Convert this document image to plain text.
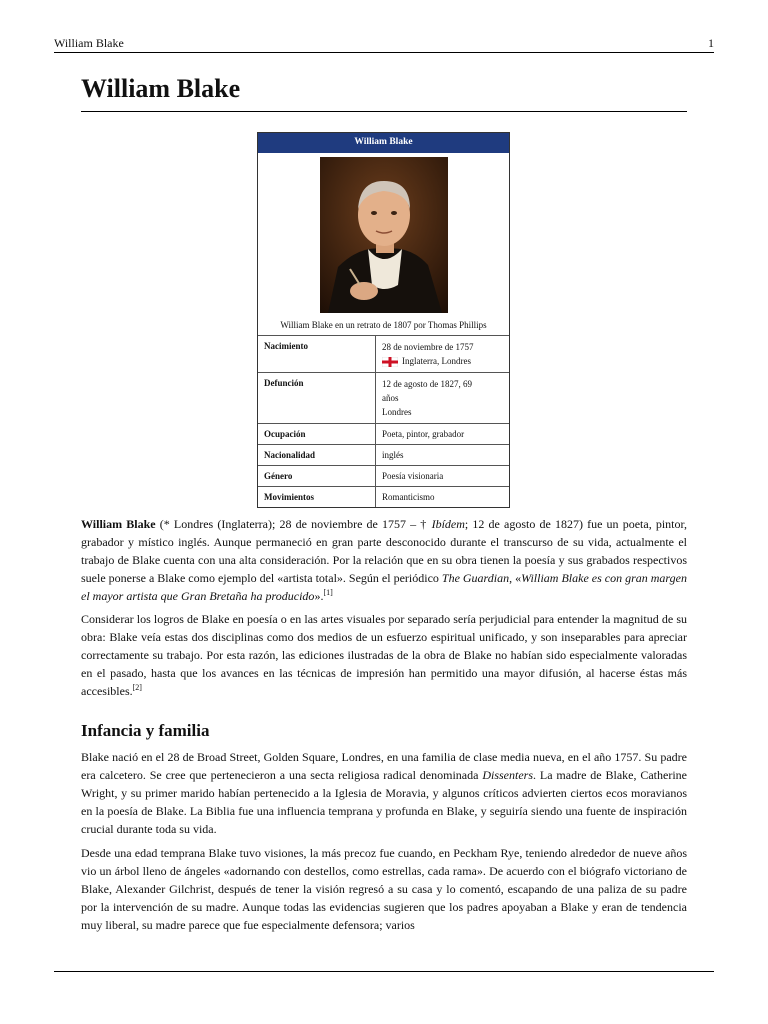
William Blake	1
William Blake
William Blake
William Blake en un retrato de 1807 por Thomas Phillips
Nacimiento	28 de noviembre de 1757
Inglaterra, Londres
Defunción	12 de agosto de 1827, 69
años
Londres
Ocupación	Poeta, pintor, grabador
Nacionalidad	inglés
Género	Poesía visionaria
Movimientos	Romanticismo

William Blake (* Londres (Inglaterra); 28 de noviembre de 1757 – † Ibídem; 12 de agosto de 1827) fue un poeta, pintor, grabador y místico inglés. Aunque permaneció en gran parte desconocido durante el transcurso de su vida, actualmente el trabajo de Blake cuenta con una alta consideración. Por la relación que en su obra tienen la poesía y sus grabados respectivos suele ponerse a Blake como ejemplo del «artista total». Según el periódico The Guardian, «William Blake es con gran margen el mayor artista que Gran Bretaña ha producido».[1]

Considerar los logros de Blake en poesía o en las artes visuales por separado sería perjudicial para entender la magnitud de su obra: Blake veía estas dos disciplinas como dos medios de un esfuerzo espiritual unificado, y son inseparables para apreciar correctamente su trabajo. Por esta razón, las ediciones ilustradas de la obra de Blake no habían sido especialmente valoradas en el pasado, hasta que los avances en las técnicas de impresión han permitido una mayor difusión, al hacerse éstas más accesibles.[2]

Infancia y familia

Blake nació en el 28 de Broad Street, Golden Square, Londres, en una familia de clase media nueva, en el año 1757. Su padre era calcetero. Se cree que pertenecieron a una secta religiosa radical denominada Dissenters. La madre de Blake, Catherine Wright, y su primer marido habían pertenecido a la Iglesia de Moravia, y algunos críticos advierten ciertos ecos moravianos en la poesía de Blake. La Biblia fue una influencia temprana y profunda en Blake, y seguiría siendo una fuente de inspiración crucial durante toda su vida.

Desde una edad temprana Blake tuvo visiones, la más precoz fue cuando, en Peckham Rye, teniendo alrededor de nueve años vio un árbol lleno de ángeles «adornando con destellos, como estrellas, cada rama». De acuerdo con el biógrafo victoriano de Blake, Alexander Gilchrist, después de tener la visión regresó a su casa y lo comentó, escapando de una paliza de su padre por la intervención de su madre. Aunque todas las evidencias sugieren que los padres apoyaban a Blake y eran de tendencia muy liberal, su madre parece que fue especialmente defensora; varios
